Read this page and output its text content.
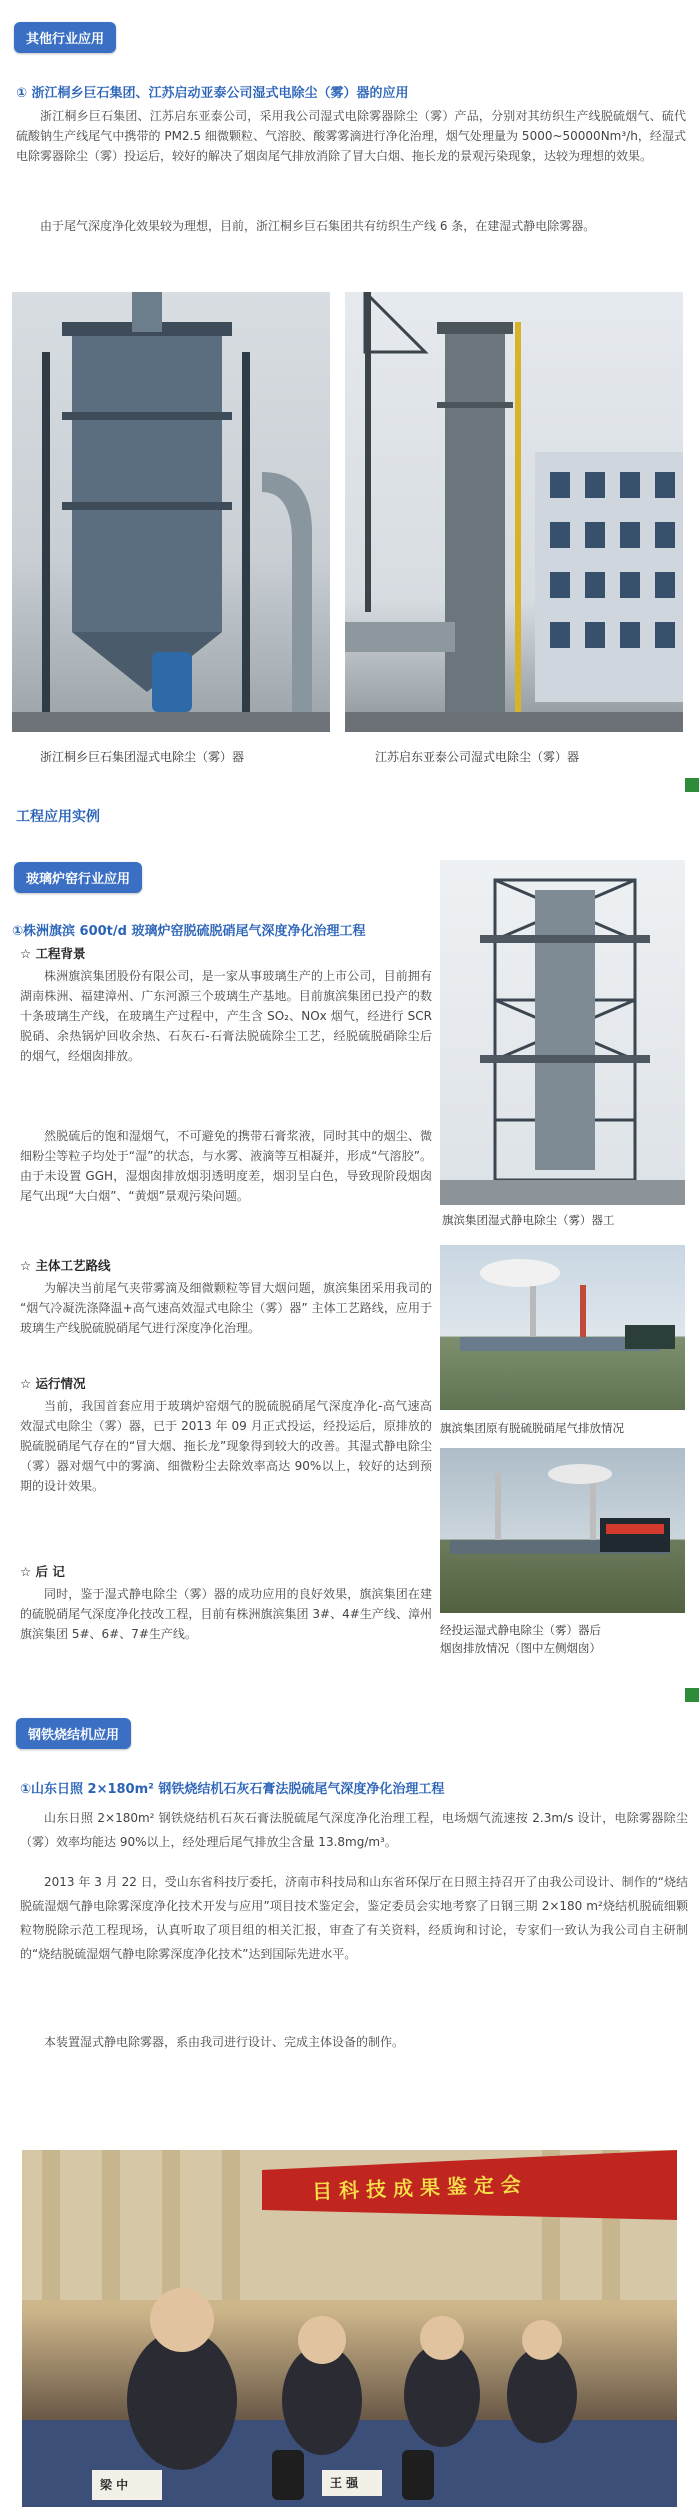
其他行业应用
① 浙江桐乡巨石集团、江苏启动亚泰公司湿式电除尘（雾）器的应用
浙江桐乡巨石集团、江苏启东亚泰公司，采用我公司湿式电除雾器除尘（雾）产品，分别对其纺织生产线脱硫烟气、硫代硫酸钠生产线尾气中携带的 PM2.5 细微颗粒、气溶胶、酸雾雾滴进行净化治理，烟气处理量为 5000~50000Nm³/h，经湿式电除雾器除尘（雾）投运后，较好的解决了烟囱尾气排放消除了冒大白烟、拖长龙的景观污染现象，达较为理想的效果。
由于尾气深度净化效果较为理想，目前，浙江桐乡巨石集团共有纺织生产线 6 条，在建湿式静电除雾器。
浙江桐乡巨石集团湿式电除尘（雾）器	江苏启东亚泰公司湿式电除尘（雾）器
工程应用实例
玻璃炉窑行业应用
①株洲旗滨 600t/d 玻璃炉窑脱硫脱硝尾气深度净化治理工程
☆ 工程背景
株洲旗滨集团股份有限公司，是一家从事玻璃生产的上市公司，目前拥有湖南株洲、福建漳州、广东河源三个玻璃生产基地。目前旗滨集团已投产的数十条玻璃生产线，在玻璃生产过程中，产生含 SO₂、NOx 烟气，经进行 SCR 脱硝、余热锅炉回收余热、石灰石-石膏法脱硫除尘工艺，经脱硫脱硝除尘后的烟气，经烟囱排放。
然脱硫后的饱和湿烟气，不可避免的携带石膏浆液，同时其中的烟尘、微细粉尘等粒子均处于“湿”的状态，与水雾、液滴等互相凝并，形成“气溶胶”。由于未设置 GGH，湿烟囱排放烟羽透明度差，烟羽呈白色，导致现阶段烟囱尾气出现“大白烟”、“黄烟”景观污染问题。
☆ 主体工艺路线
为解决当前尾气夹带雾滴及细微颗粒等冒大烟问题，旗滨集团采用我司的 “烟气冷凝洗涤降温+高气速高效湿式电除尘（雾）器” 主体工艺路线，应用于玻璃生产线脱硫脱硝尾气进行深度净化治理。
☆ 运行情况
当前，我国首套应用于玻璃炉窑烟气的脱硫脱硝尾气深度净化-高气速高效湿式电除尘（雾）器，已于 2013 年 09 月正式投运，经投运后，原排放的脱硫脱硝尾气存在的“冒大烟、拖长龙”现象得到较大的改善。其湿式静电除尘（雾）器对烟气中的雾滴、细微粉尘去除效率高达 90%以上，较好的达到预期的设计效果。
☆ 后 记
同时，鉴于湿式静电除尘（雾）器的成功应用的良好效果，旗滨集团在建的硫脱硝尾气深度净化技改工程，目前有株洲旗滨集团 3#、4#生产线、漳州旗滨集团 5#、6#、7#生产线。
旗滨集团湿式静电除尘（雾）器工
旗滨集团原有脱硫脱硝尾气排放情况
经投运湿式静电除尘（雾）器后
烟囱排放情况（图中左侧烟囱）
钢铁烧结机应用
①山东日照 2×180m² 钢铁烧结机石灰石膏法脱硫尾气深度净化治理工程
山东日照 2×180m² 钢铁烧结机石灰石膏法脱硫尾气深度净化治理工程，电场烟气流速按 2.3m/s 设计，电除雾器除尘（雾）效率均能达 90%以上，经处理后尾气排放尘含量 13.8mg/m³。
2013 年 3 月 22 日，受山东省科技厅委托，济南市科技局和山东省环保厅在日照主持召开了由我公司设计、制作的“烧结脱硫湿烟气静电除雾深度净化技术开发与应用”项目技术鉴定会，鉴定委员会实地考察了日钢三期 2×180 m²烧结机脱硫细颗粒物脱除示范工程现场，认真听取了项目组的相关汇报，审查了有关资料，经质询和讨论，专家们一致认为我公司自主研制的“烧结脱硫湿烟气静电除雾深度净化技术”达到国际先进水平。
本装置湿式静电除雾器，系由我司进行设计、完成主体设备的制作。
目 科 技 成 果 鉴 定 会
梁 中	王 强
